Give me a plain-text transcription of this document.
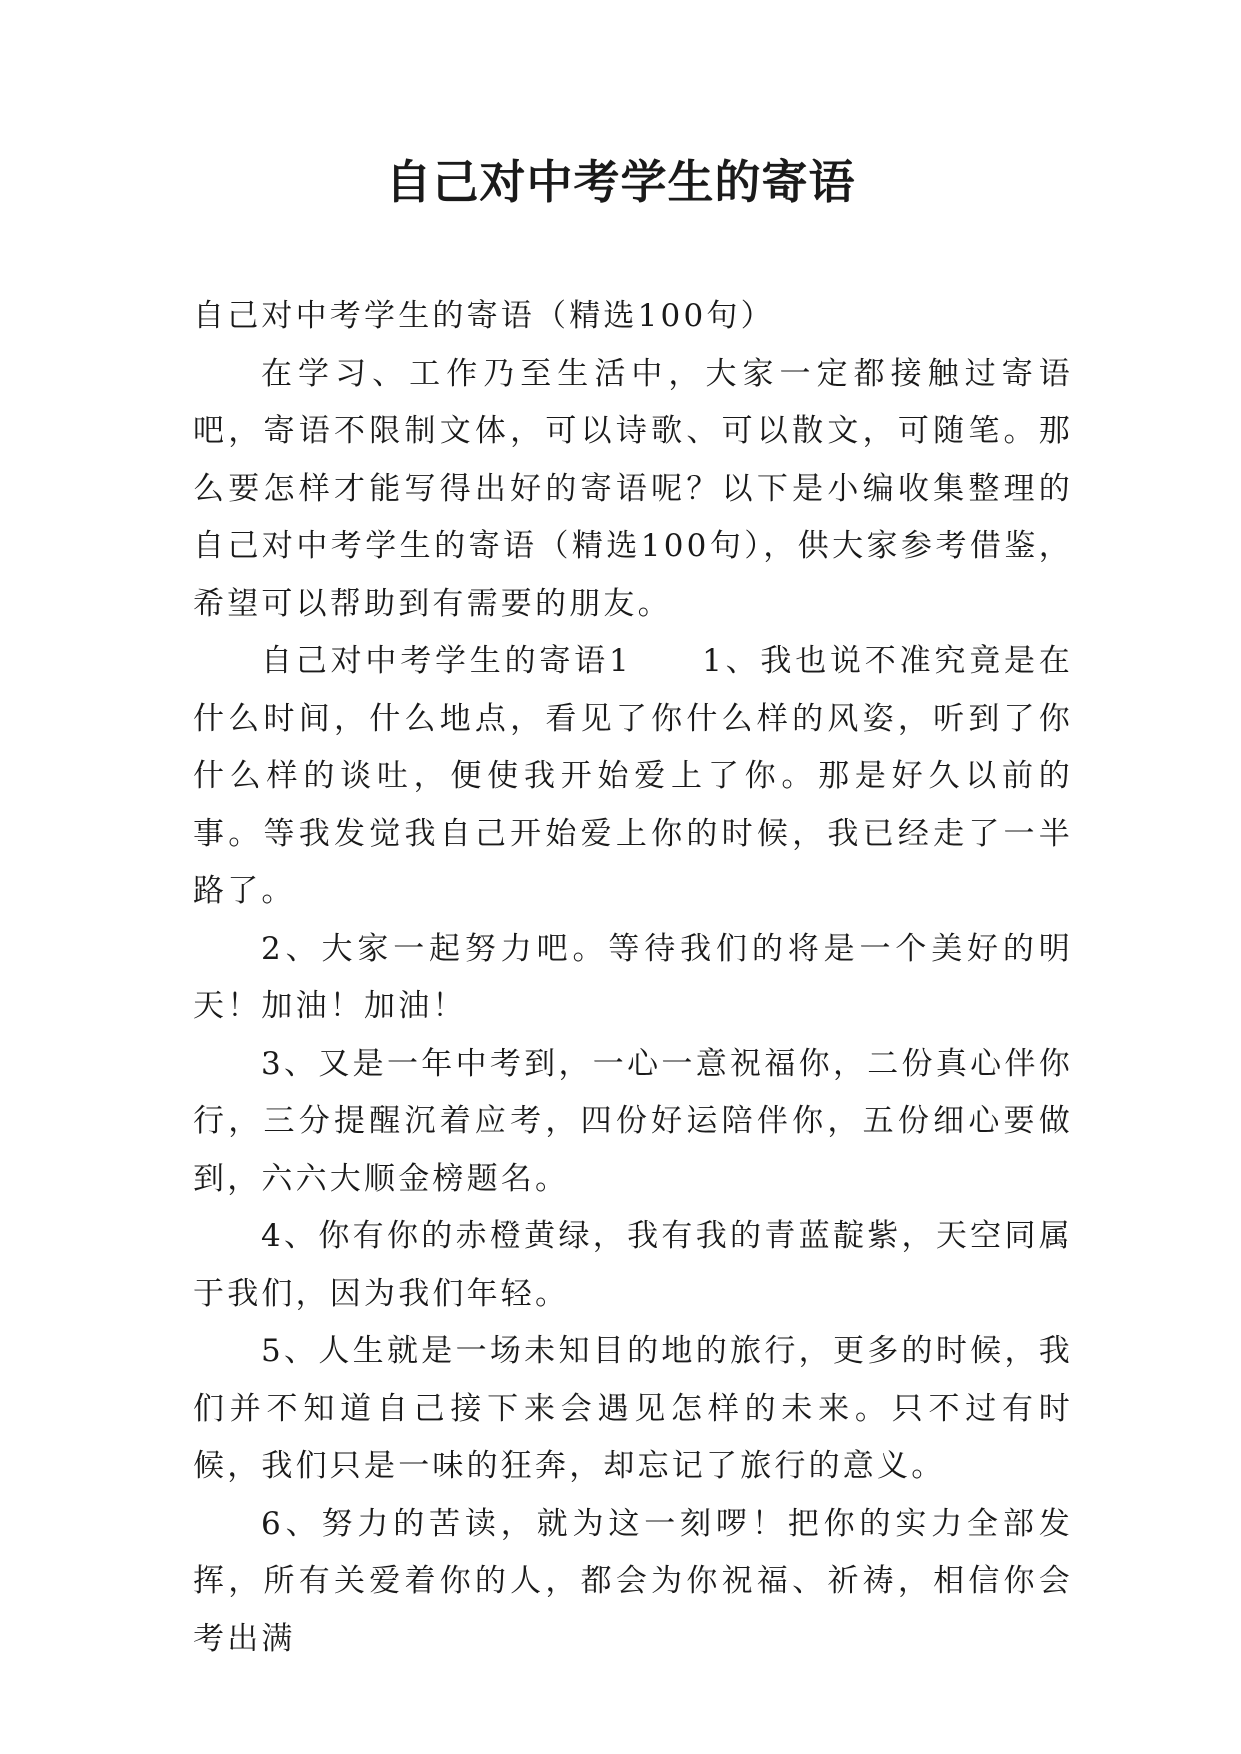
自己对中考学生的寄语

自己对中考学生的寄语（精选100句）

在学习、工作乃至生活中，大家一定都接触过寄语吧，寄语不限制文体，可以诗歌、可以散文，可随笔。那么要怎样才能写得出好的寄语呢？以下是小编收集整理的自己对中考学生的寄语（精选100句），供大家参考借鉴，希望可以帮助到有需要的朋友。

自己对中考学生的寄语1　　1、我也说不准究竟是在什么时间，什么地点，看见了你什么样的风姿，听到了你什么样的谈吐，便使我开始爱上了你。那是好久以前的事。等我发觉我自己开始爱上你的时候，我已经走了一半路了。

2、大家一起努力吧。等待我们的将是一个美好的明天！加油！加油！

3、又是一年中考到，一心一意祝福你，二份真心伴你行，三分提醒沉着应考，四份好运陪伴你，五份细心要做到，六六大顺金榜题名。

4、你有你的赤橙黄绿，我有我的青蓝靛紫，天空同属于我们，因为我们年轻。

5、人生就是一场未知目的地的旅行，更多的时候，我们并不知道自己接下来会遇见怎样的未来。只不过有时候，我们只是一味的狂奔，却忘记了旅行的意义。

6、努力的苦读，就为这一刻啰！把你的实力全部发挥，所有关爱着你的人，都会为你祝福、祈祷，相信你会考出满
